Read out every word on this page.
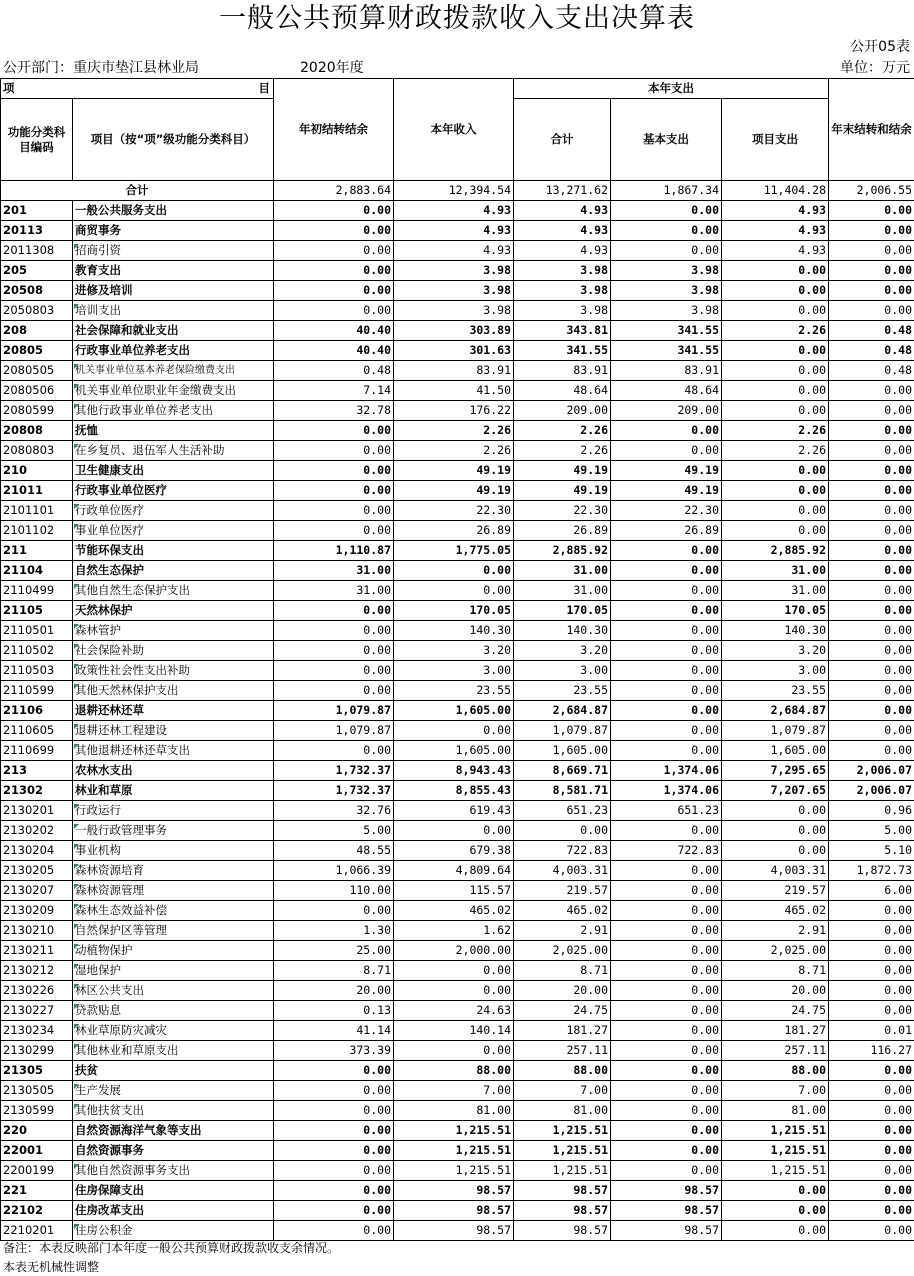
一般公共预算财政拨款收入支出决算表
公开05表
公开部门：重庆市垫江县林业局	2020年度	单位：万元
项 目		年初结转结余	本年收入	本年支出			年末结转和结余
功能分类科目编码	项目（按“项”级功能分类科目）			合计	基本支出	项目支出	

合计		2,883.64	12,394.54	13,271.62	1,867.34	11,404.28	2,006.55
201	一般公共服务支出	0.00	4.93	4.93	0.00	4.93	0.00
20113	商贸事务	0.00	4.93	4.93	0.00	4.93	0.00
2011308	招商引资	0.00	4.93	4.93	0.00	4.93	0.00
205	教育支出	0.00	3.98	3.98	3.98	0.00	0.00
20508	进修及培训	0.00	3.98	3.98	3.98	0.00	0.00
2050803	培训支出	0.00	3.98	3.98	3.98	0.00	0.00
208	社会保障和就业支出	40.40	303.89	343.81	341.55	2.26	0.48
20805	行政事业单位养老支出	40.40	301.63	341.55	341.55	0.00	0.48
2080505	机关事业单位基本养老保险缴费支出	0.48	83.91	83.91	83.91	0.00	0.48
2080506	机关事业单位职业年金缴费支出	7.14	41.50	48.64	48.64	0.00	0.00
2080599	其他行政事业单位养老支出	32.78	176.22	209.00	209.00	0.00	0.00
20808	抚恤	0.00	2.26	2.26	0.00	2.26	0.00
2080803	在乡复员、退伍军人生活补助	0.00	2.26	2.26	0.00	2.26	0.00
210	卫生健康支出	0.00	49.19	49.19	49.19	0.00	0.00
21011	行政事业单位医疗	0.00	49.19	49.19	49.19	0.00	0.00
2101101	行政单位医疗	0.00	22.30	22.30	22.30	0.00	0.00
2101102	事业单位医疗	0.00	26.89	26.89	26.89	0.00	0.00
211	节能环保支出	1,110.87	1,775.05	2,885.92	0.00	2,885.92	0.00
21104	自然生态保护	31.00	0.00	31.00	0.00	31.00	0.00
2110499	其他自然生态保护支出	31.00	0.00	31.00	0.00	31.00	0.00
21105	天然林保护	0.00	170.05	170.05	0.00	170.05	0.00
2110501	森林管护	0.00	140.30	140.30	0.00	140.30	0.00
2110502	社会保险补助	0.00	3.20	3.20	0.00	3.20	0.00
2110503	政策性社会性支出补助	0.00	3.00	3.00	0.00	3.00	0.00
2110599	其他天然林保护支出	0.00	23.55	23.55	0.00	23.55	0.00
21106	退耕还林还草	1,079.87	1,605.00	2,684.87	0.00	2,684.87	0.00
2110605	退耕还林工程建设	1,079.87	0.00	1,079.87	0.00	1,079.87	0.00
2110699	其他退耕还林还草支出	0.00	1,605.00	1,605.00	0.00	1,605.00	0.00
213	农林水支出	1,732.37	8,943.43	8,669.71	1,374.06	7,295.65	2,006.07
21302	林业和草原	1,732.37	8,855.43	8,581.71	1,374.06	7,207.65	2,006.07
2130201	行政运行	32.76	619.43	651.23	651.23	0.00	0.96
2130202	一般行政管理事务	5.00	0.00	0.00	0.00	0.00	5.00
2130204	事业机构	48.55	679.38	722.83	722.83	0.00	5.10
2130205	森林资源培育	1,066.39	4,809.64	4,003.31	0.00	4,003.31	1,872.73
2130207	森林资源管理	110.00	115.57	219.57	0.00	219.57	6.00
2130209	森林生态效益补偿	0.00	465.02	465.02	0.00	465.02	0.00
2130210	自然保护区等管理	1.30	1.62	2.91	0.00	2.91	0.00
2130211	动植物保护	25.00	2,000.00	2,025.00	0.00	2,025.00	0.00
2130212	湿地保护	8.71	0.00	8.71	0.00	8.71	0.00
2130226	林区公共支出	20.00	0.00	20.00	0.00	20.00	0.00
2130227	贷款贴息	0.13	24.63	24.75	0.00	24.75	0.00
2130234	林业草原防灾减灾	41.14	140.14	181.27	0.00	181.27	0.01
2130299	其他林业和草原支出	373.39	0.00	257.11	0.00	257.11	116.27
21305	扶贫	0.00	88.00	88.00	0.00	88.00	0.00
2130505	生产发展	0.00	7.00	7.00	0.00	7.00	0.00
2130599	其他扶贫支出	0.00	81.00	81.00	0.00	81.00	0.00
220	自然资源海洋气象等支出	0.00	1,215.51	1,215.51	0.00	1,215.51	0.00
22001	自然资源事务	0.00	1,215.51	1,215.51	0.00	1,215.51	0.00
2200199	其他自然资源事务支出	0.00	1,215.51	1,215.51	0.00	1,215.51	0.00
221	住房保障支出	0.00	98.57	98.57	98.57	0.00	0.00
22102	住房改革支出	0.00	98.57	98.57	98.57	0.00	0.00
2210201	住房公积金	0.00	98.57	98.57	98.57	0.00	0.00
备注：本表反映部门本年度一般公共预算财政拨款收支余情况。
本表无机械性调整
